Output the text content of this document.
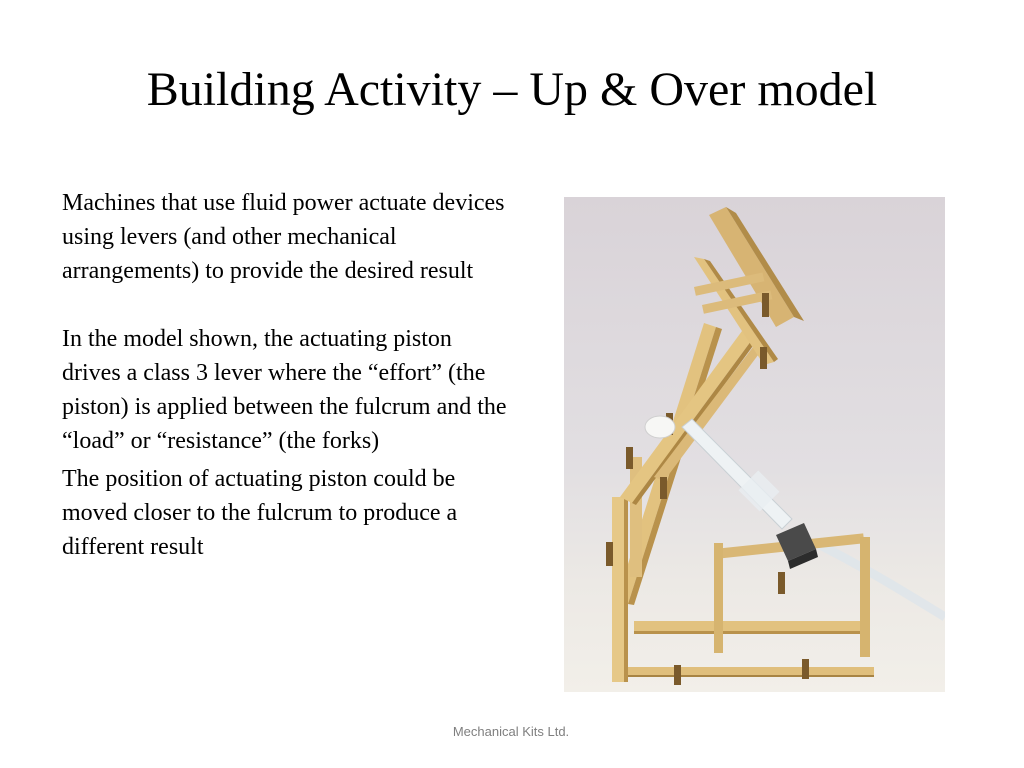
Building Activity – Up & Over model

Machines that use fluid power actuate devices using levers (and other mechanical arrangements) to provide the desired result

In the model shown, the actuating piston drives a class 3 lever where the “effort” (the piston) is applied between the fulcrum and the “load” or “resistance” (the forks)

The position of actuating piston could be moved closer to the fulcrum to produce a different result

Mechanical Kits Ltd.
